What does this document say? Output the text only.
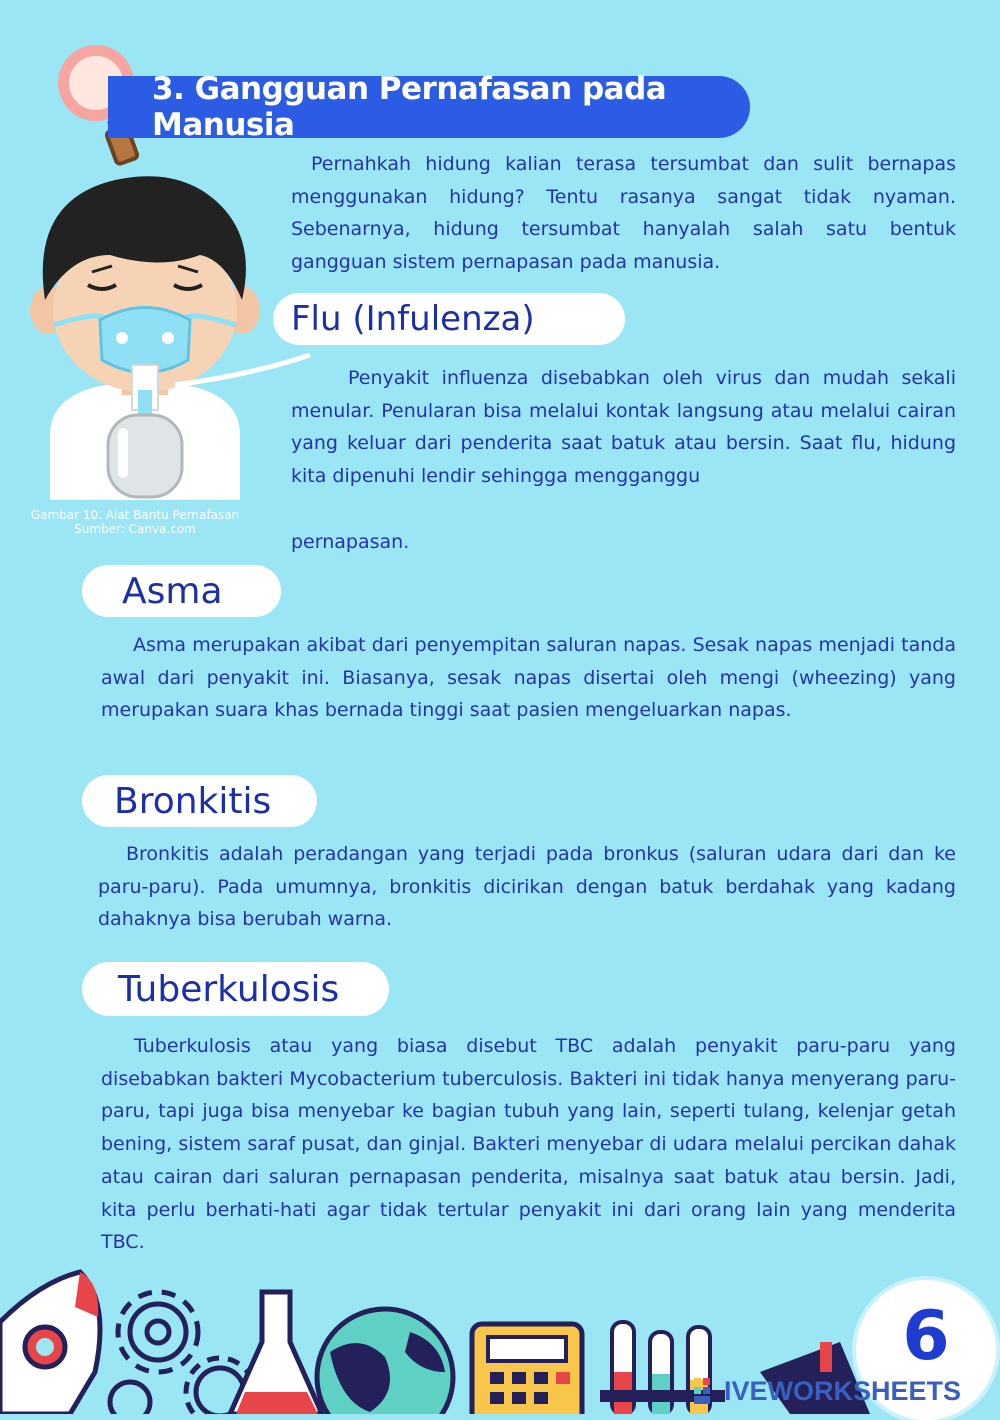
3. Gangguan Pernafasan pada Manusia
Gambar 10. Alat Bantu Pernafasan
Sumber: Canva.com

Pernahkah hidung kalian terasa tersumbat dan sulit bernapas menggunakan hidung? Tentu rasanya sangat tidak nyaman. Sebenarnya, hidung tersumbat hanyalah salah satu bentuk gangguan sistem pernapasan pada manusia.

Flu (Infulenza)

Penyakit influenza disebabkan oleh virus dan mudah sekali menular. Penularan bisa melalui kontak langsung atau melalui cairan yang keluar dari penderita saat batuk atau bersin. Saat flu, hidung kita dipenuhi lendir sehingga mengganggu

pernapasan.

Asma

Asma merupakan akibat dari penyempitan saluran napas. Sesak napas menjadi tanda awal dari penyakit ini. Biasanya, sesak napas disertai oleh mengi (wheezing) yang merupakan suara khas bernada tinggi saat pasien mengeluarkan napas.

Bronkitis

Bronkitis adalah peradangan yang terjadi pada bronkus (saluran udara dari dan ke paru-paru). Pada umumnya, bronkitis dicirikan dengan batuk berdahak yang kadang dahaknya bisa berubah warna.

Tuberkulosis

Tuberkulosis atau yang biasa disebut TBC adalah penyakit paru-paru yang disebabkan bakteri Mycobacterium tuberculosis. Bakteri ini tidak hanya menyerang paru-paru, tapi juga bisa menyebar ke bagian tubuh yang lain, seperti tulang, kelenjar getah bening, sistem saraf pusat, dan ginjal. Bakteri menyebar di udara melalui percikan dahak atau cairan dari saluran pernapasan penderita, misalnya saat batuk atau bersin. Jadi, kita perlu berhati-hati agar tidak tertular penyakit ini dari orang lain yang menderita TBC.

6
IVEWORKSHEETS
